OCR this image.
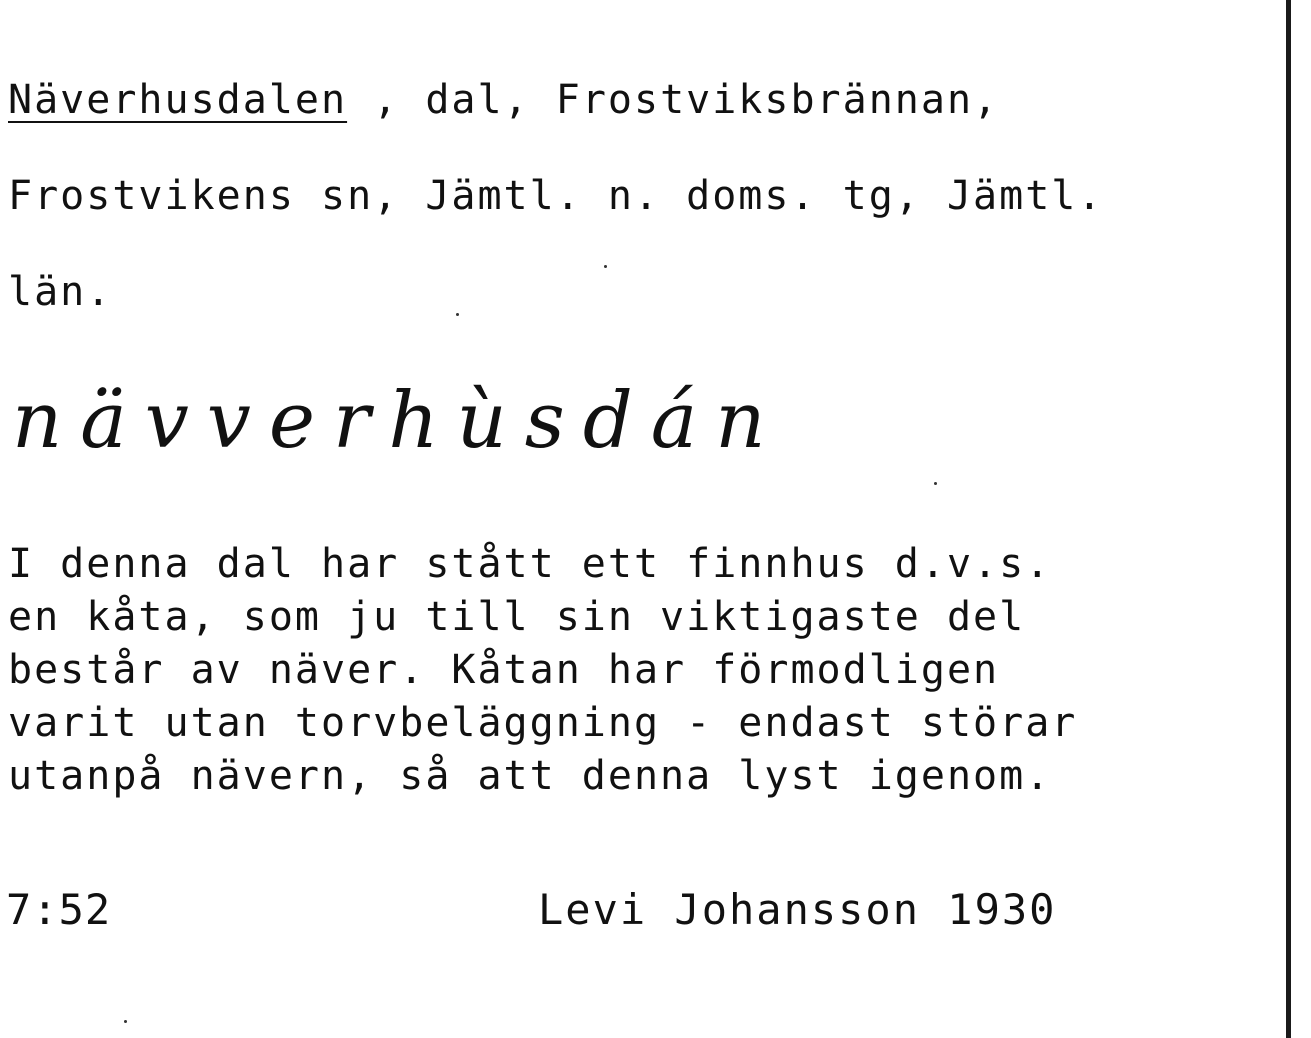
Näverhusdalen , dal, Frostviksbrännan,

Frostvikens sn, Jämtl. n. doms. tg, Jämtl.

län.

nävverhùsdán
I denna dal har stått ett finnhus d.v.s.
en kåta, som ju till sin viktigaste del
består av näver. Kåtan har förmodligen
varit utan torvbeläggning - endast störar
utanpå nävern, så att denna lyst igenom.
7:52	Levi Johansson 1930
